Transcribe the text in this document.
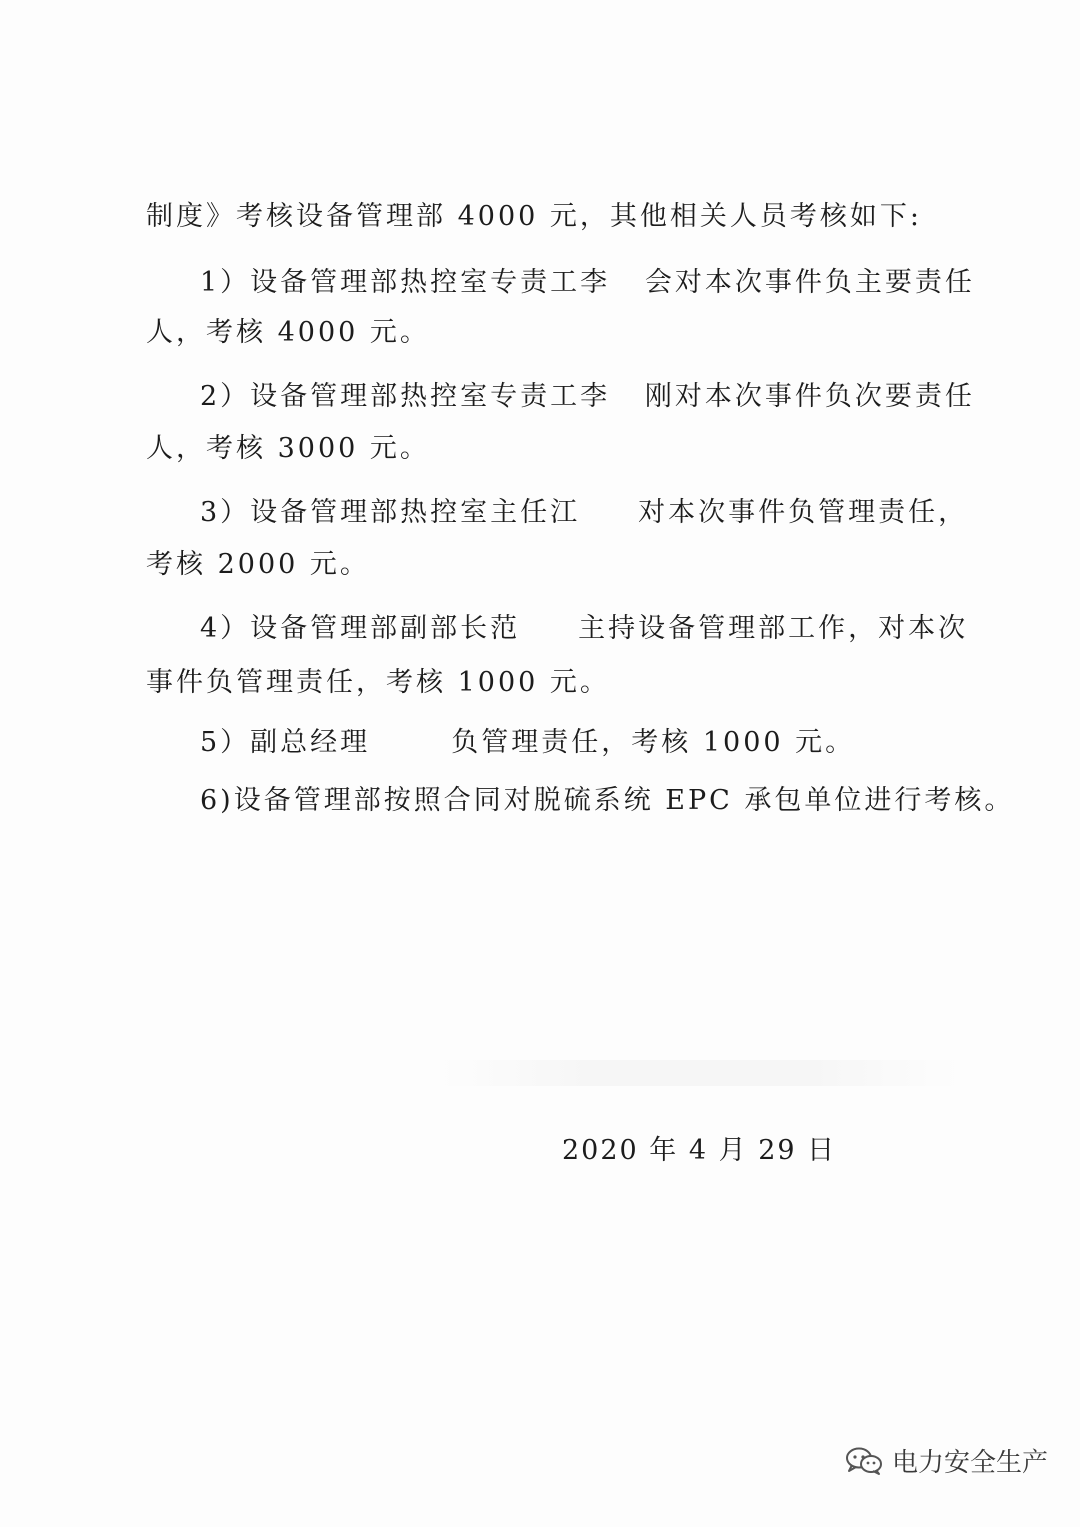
制度》考核设备管理部 4000 元，其他相关人员考核如下:
1）设备管理部热控室专责工李   会对本次事件负主要责任
人，考核 4000 元。
2）设备管理部热控室专责工李   刚对本次事件负次要责任
人，考核 3000 元。
3）设备管理部热控室主任江     对本次事件负管理责任，
考核 2000 元。
4）设备管理部副部长范     主持设备管理部工作，对本次
事件负管理责任，考核 1000 元。
5）副总经理       负管理责任，考核 1000 元。
6)设备管理部按照合同对脱硫系统 EPC 承包单位进行考核。
2020 年 4 月 29 日
电力安全生产
